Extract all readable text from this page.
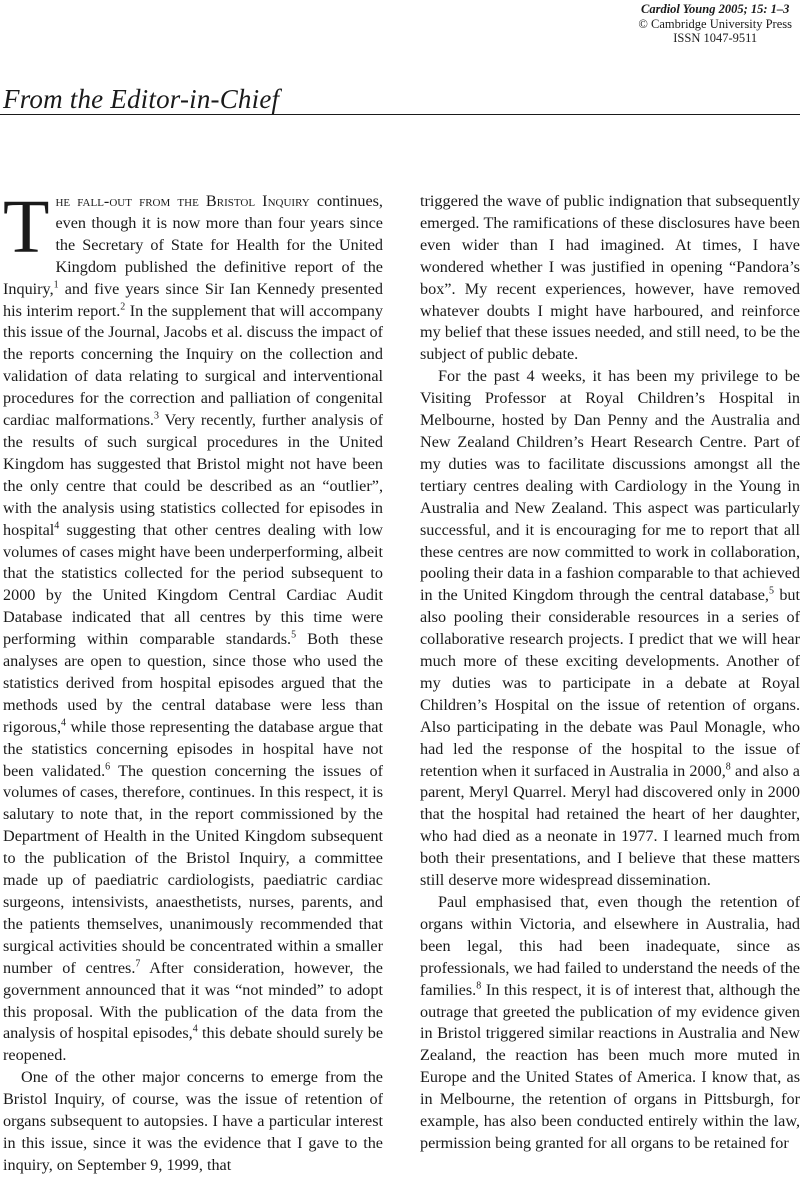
Cardiol Young 2005; 15: 1–3
© Cambridge University Press
ISSN 1047-9511
From the Editor-in-Chief

The fall-out from the Bristol Inquiry continues, even though it is now more than four years since the Secretary of State for Health for the United Kingdom published the definitive report of the Inquiry,$^1$ and five years since Sir Ian Kennedy presented his interim report.$^2$ In the supplement that will accompany this issue of the Journal, Jacobs et al. discuss the impact of the reports concerning the Inquiry on the collection and validation of data relating to surgical and interventional procedures for the correction and palliation of congenital cardiac malformations.$^3$ Very recently, further analysis of the results of such surgical procedures in the United Kingdom has suggested that Bristol might not have been the only centre that could be described as an “outlier”, with the analysis using statistics collected for episodes in hospital$^4$ suggesting that other centres dealing with low volumes of cases might have been underperforming, albeit that the statistics collected for the period subsequent to 2000 by the United Kingdom Central Cardiac Audit Database indicated that all centres by this time were performing within comparable standards.$^5$ Both these analyses are open to question, since those who used the statistics derived from hospital episodes argued that the methods used by the central database were less than rigorous,$^4$ while those representing the database argue that the statistics concerning episodes in hospital have not been validated.$^6$ The question concerning the issues of volumes of cases, therefore, continues. In this respect, it is salutary to note that, in the report commissioned by the Department of Health in the United Kingdom subsequent to the publication of the Bristol Inquiry, a committee made up of paediatric cardiologists, paediatric cardiac surgeons, intensivists, anaesthetists, nurses, parents, and the patients themselves, unanimously recommended that surgical activities should be concentrated within a smaller number of centres.$^7$ After consideration, however, the government announced that it was “not minded” to adopt this proposal. With the publication of the data from the analysis of hospital episodes,$^4$ this debate should surely be reopened.

One of the other major concerns to emerge from the Bristol Inquiry, of course, was the issue of retention of organs subsequent to autopsies. I have a particular interest in this issue, since it was the evidence that I gave to the inquiry, on September 9, 1999, that

triggered the wave of public indignation that subsequently emerged. The ramifications of these disclosures have been even wider than I had imagined. At times, I have wondered whether I was justified in opening “Pandora’s box”. My recent experiences, however, have removed whatever doubts I might have harboured, and reinforce my belief that these issues needed, and still need, to be the subject of public debate.

For the past 4 weeks, it has been my privilege to be Visiting Professor at Royal Children’s Hospital in Melbourne, hosted by Dan Penny and the Australia and New Zealand Children’s Heart Research Centre. Part of my duties was to facilitate discussions amongst all the tertiary centres dealing with Cardiology in the Young in Australia and New Zealand. This aspect was particularly successful, and it is encouraging for me to report that all these centres are now committed to work in collaboration, pooling their data in a fashion comparable to that achieved in the United Kingdom through the central database,$^5$ but also pooling their considerable resources in a series of collaborative research projects. I predict that we will hear much more of these exciting developments. Another of my duties was to participate in a debate at Royal Children’s Hospital on the issue of retention of organs. Also participating in the debate was Paul Monagle, who had led the response of the hospital to the issue of retention when it surfaced in Australia in 2000,$^8$ and also a parent, Meryl Quarrel. Meryl had discovered only in 2000 that the hospital had retained the heart of her daughter, who had died as a neonate in 1977. I learned much from both their presentations, and I believe that these matters still deserve more widespread dissemination.

Paul emphasised that, even though the retention of organs within Victoria, and elsewhere in Australia, had been legal, this had been inadequate, since as professionals, we had failed to understand the needs of the families.$^8$ In this respect, it is of interest that, although the outrage that greeted the publication of my evidence given in Bristol triggered similar reactions in Australia and New Zealand, the reaction has been much more muted in Europe and the United States of America. I know that, as in Melbourne, the retention of organs in Pittsburgh, for example, has also been conducted entirely within the law, permission being granted for all organs to be retained for
